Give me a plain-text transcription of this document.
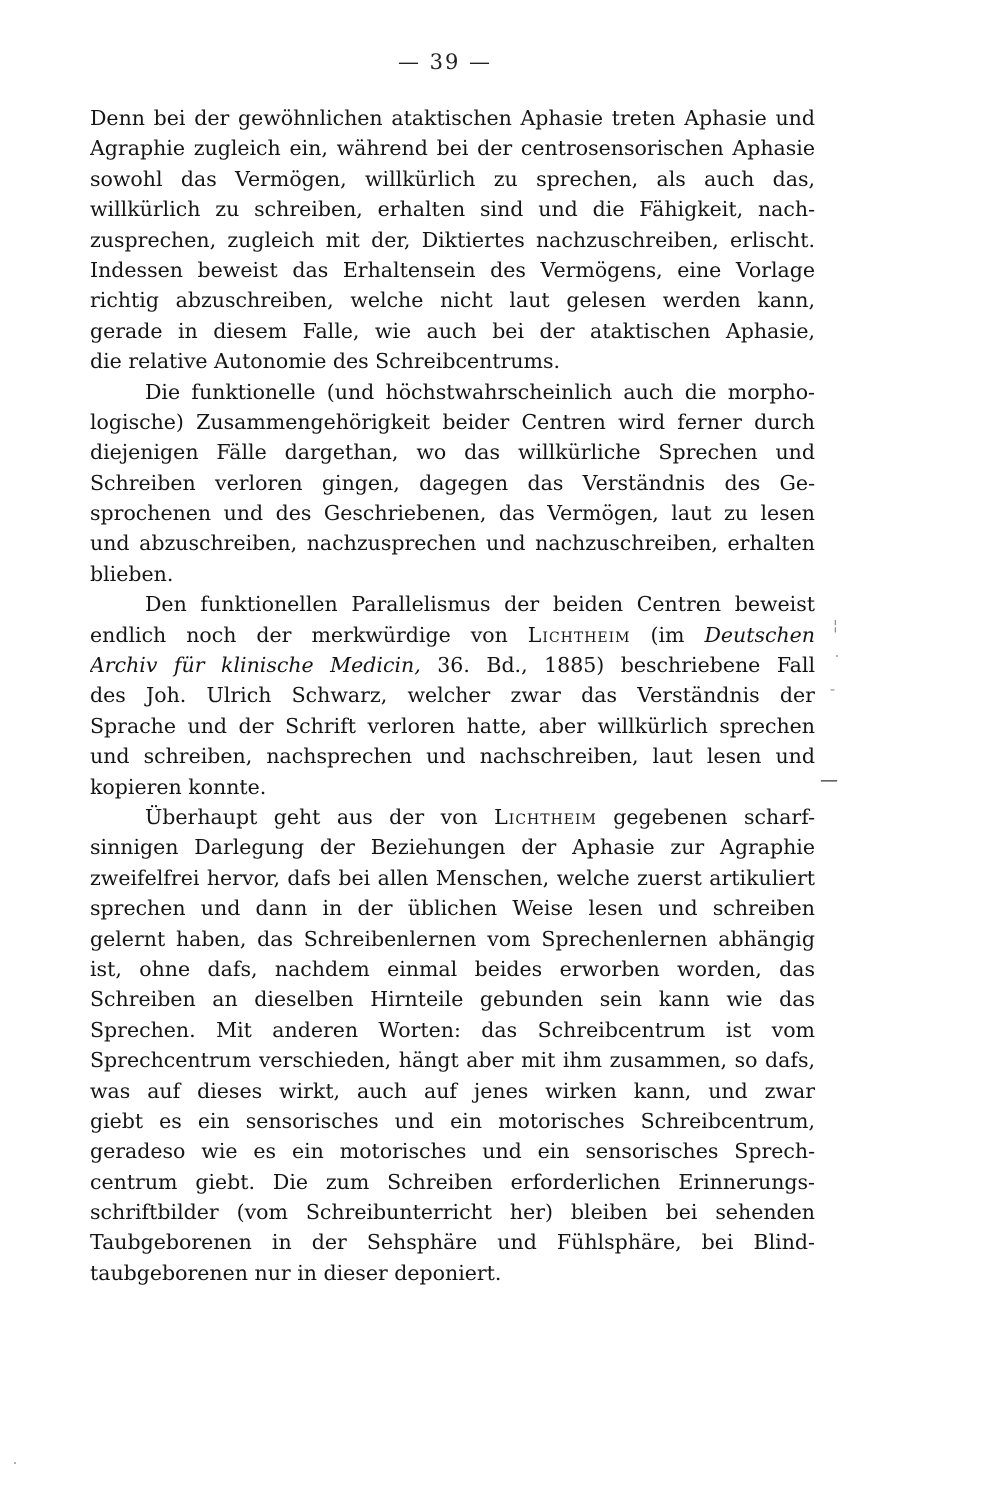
— 39 —
Denn bei der gewöhnlichen ataktischen Aphasie treten Aphasie und
Agraphie zugleich ein, während bei der centrosensorischen Aphasie
sowohl das Vermögen, willkürlich zu sprechen, als auch das,
willkürlich zu schreiben, erhalten sind und die Fähigkeit, nach-
zusprechen, zugleich mit der, Diktiertes nachzuschreiben, erlischt.
Indessen beweist das Erhaltensein des Vermögens, eine Vorlage
richtig abzuschreiben, welche nicht laut gelesen werden kann,
gerade in diesem Falle, wie auch bei der ataktischen Aphasie,
die relative Autonomie des Schreibcentrums.
Die funktionelle (und höchstwahrscheinlich auch die morpho-
logische) Zusammengehörigkeit beider Centren wird ferner durch
diejenigen Fälle dargethan, wo das willkürliche Sprechen und
Schreiben verloren gingen, dagegen das Verständnis des Ge-
sprochenen und des Geschriebenen, das Vermögen, laut zu lesen
und abzuschreiben, nachzusprechen und nachzuschreiben, erhalten
blieben.
Den funktionellen Parallelismus der beiden Centren beweist
endlich noch der merkwürdige von Lichtheim (im Deutschen
Archiv für klinische Medicin, 36. Bd., 1885) beschriebene Fall
des Joh. Ulrich Schwarz, welcher zwar das Verständnis der
Sprache und der Schrift verloren hatte, aber willkürlich sprechen
und schreiben, nachsprechen und nachschreiben, laut lesen und
kopieren konnte.
Überhaupt geht aus der von Lichtheim gegebenen scharf-
sinnigen Darlegung der Beziehungen der Aphasie zur Agraphie
zweifelfrei hervor, dafs bei allen Menschen, welche zuerst artikuliert
sprechen und dann in der üblichen Weise lesen und schreiben
gelernt haben, das Schreibenlernen vom Sprechenlernen abhängig
ist, ohne dafs, nachdem einmal beides erworben worden, das
Schreiben an dieselben Hirnteile gebunden sein kann wie das
Sprechen. Mit anderen Worten: das Schreibcentrum ist vom
Sprechcentrum verschieden, hängt aber mit ihm zusammen, so dafs,
was auf dieses wirkt, auch auf jenes wirken kann, und zwar
giebt es ein sensorisches und ein motorisches Schreibcentrum,
geradeso wie es ein motorisches und ein sensorisches Sprech-
centrum giebt. Die zum Schreiben erforderlichen Erinnerungs-
schriftbilder (vom Schreibunterricht her) bleiben bei sehenden
Taubgeborenen in der Sehsphäre und Fühlsphäre, bei Blind-
taubgeborenen nur in dieser deponiert.
¦
-
—
